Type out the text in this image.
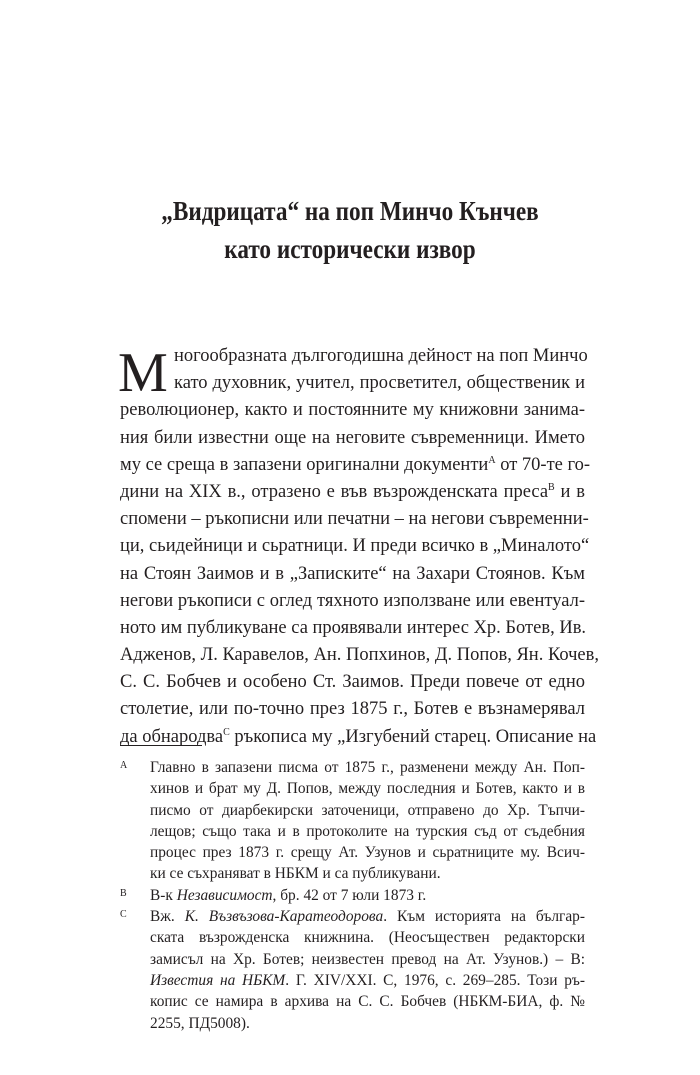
„Видрицата“ на поп Минчо Кънчев
като исторически извор
М ногообразната дългогодишна дейност на поп Минчо
като духовник, учител, просветител, общественик и
революционер, както и постоянните му книжовни занима-
ния били известни още на неговите съвременници. Името
му се среща в запазени оригинални документи$^A$ от 70-те го-
дини на XIX в., отразено е във възрожденската преса$^B$ и в
спомени – ръкописни или печатни – на негови съвременни-
ци, сьидейници и сьратници. И преди всичко в „Миналото“
на Стоян Заимов и в „Записките“ на Захари Стоянов. Към
негови ръкописи с оглед тяхното използване или евентуал-
ното им публикуване са проявявали интерес Хр. Ботев, Ив.
Адженов, Л. Каравелов, Ан. Попхинов, Д. Попов, Ян. Кочев,
С. С. Бобчев и особено Ст. Заимов. Преди повече от едно
столетие, или по-точно през 1875 г., Ботев е възнамерявал
да обнародва$^C$ ръкописа му „Изгубений старец. Описание на
A Главно в запазени писма от 1875 г., разменени между Ан. Поп-
хинов и брат му Д. Попов, между последния и Ботев, както и в
писмо от диарбекирски заточеници, отправено до Хр. Тъпчи-
лещов; също така и в протоколите на турския съд от съдебния
процес през 1873 г. срещу Ат. Узунов и сьратниците му. Всич-
ки се съхраняват в НБКМ и са публикувани.
B В-к Независимост, бр. 42 от 7 юли 1873 г.
C Вж. К. Възвъзова-Каратеодорова. Към историята на българ-
ската възрожденска книжнина. (Неосъществен редакторски
замисъл на Хр. Ботев; неизвестен превод на Ат. Узунов.) – В:
Известия на НБКМ. Г. XIV/XXI. С, 1976, с. 269–285. Този ръ-
копис се намира в архива на С. С. Бобчев (НБКМ-БИА, ф. №
2255, ПД5008).
